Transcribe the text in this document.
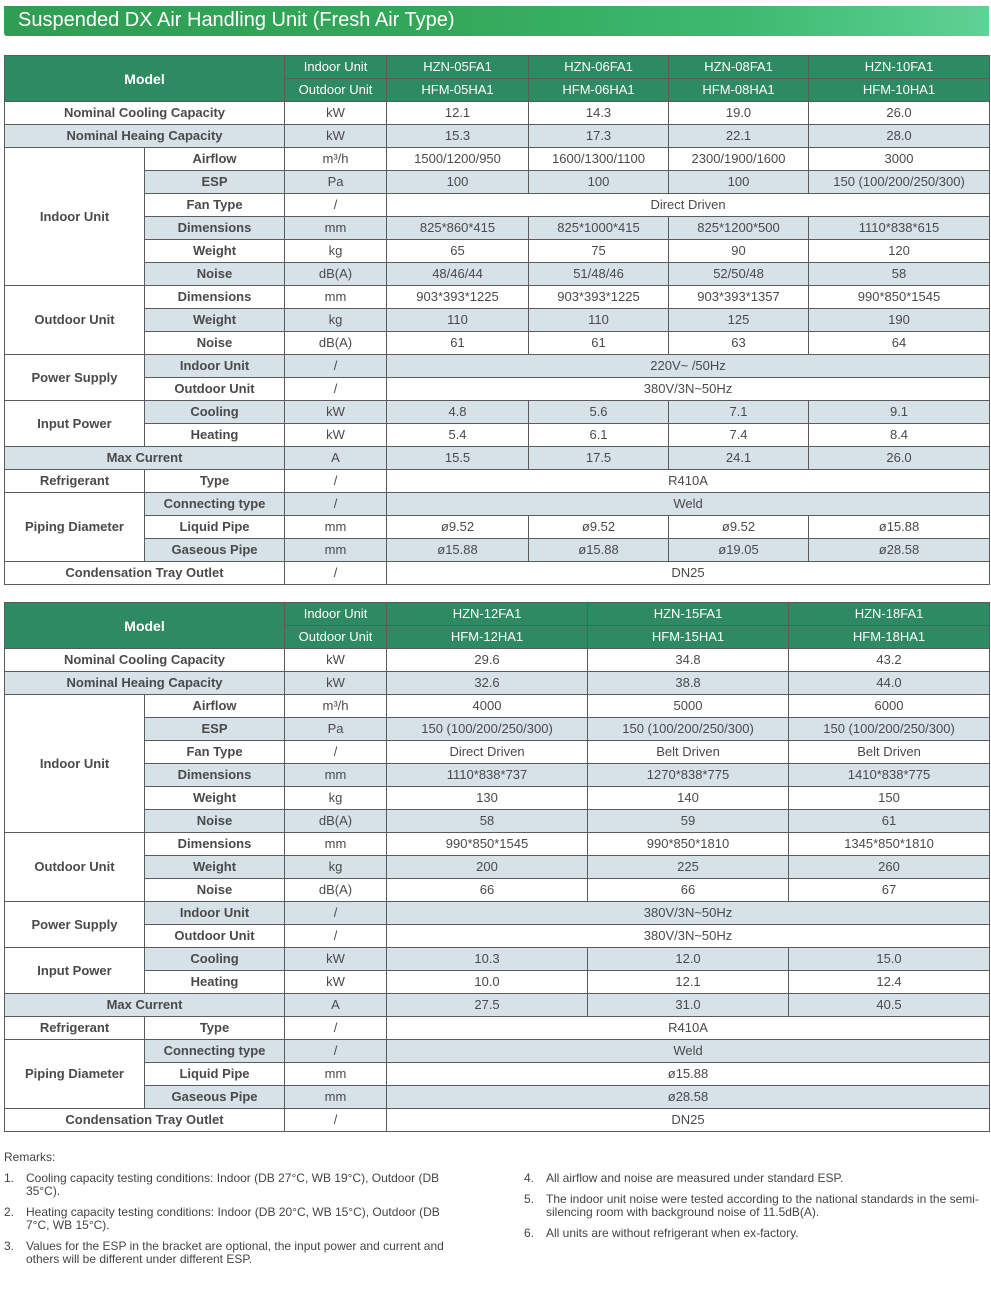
Suspended DX Air Handling Unit (Fresh Air Type)
Model		Indoor Unit	HZN-05FA1	HZN-06FA1	HZN-08FA1	HZN-10FA1
		Outdoor Unit	HFM-05HA1	HFM-06HA1	HFM-08HA1	HFM-10HA1
Nominal Cooling Capacity		kW	12.1	14.3	19.0	26.0
Nominal Heaing Capacity		kW	15.3	17.3	22.1	28.0
Indoor Unit	Airflow	m³/h	1500/1200/950	1600/1300/1100	2300/1900/1600	3000
	ESP	Pa	100	100	100	150 (100/200/250/300)
	Fan Type	/	Direct Driven			
	Dimensions	mm	825*860*415	825*1000*415	825*1200*500	1110*838*615
	Weight	kg	65	75	90	120
	Noise	dB(A)	48/46/44	51/48/46	52/50/48	58
Outdoor Unit	Dimensions	mm	903*393*1225	903*393*1225	903*393*1357	990*850*1545
	Weight	kg	110	110	125	190
	Noise	dB(A)	61	61	63	64
Power Supply	Indoor Unit	/	220V~ /50Hz			
	Outdoor Unit	/	380V/3N~50Hz			
Input Power	Cooling	kW	4.8	5.6	7.1	9.1
	Heating	kW	5.4	6.1	7.4	8.4
Max Current		A	15.5	17.5	24.1	26.0
Refrigerant	Type	/	R410A			
Piping Diameter	Connecting type	/	Weld			
	Liquid Pipe	mm	ø9.52	ø9.52	ø9.52	ø15.88
	Gaseous Pipe	mm	ø15.88	ø15.88	ø19.05	ø28.58
Condensation Tray Outlet		/	DN25			
Model		Indoor Unit	HZN-12FA1	HZN-15FA1	HZN-18FA1
		Outdoor Unit	HFM-12HA1	HFM-15HA1	HFM-18HA1
Nominal Cooling Capacity		kW	29.6	34.8	43.2
Nominal Heaing Capacity		kW	32.6	38.8	44.0
Indoor Unit	Airflow	m³/h	4000	5000	6000
	ESP	Pa	150 (100/200/250/300)	150 (100/200/250/300)	150 (100/200/250/300)
	Fan Type	/	Direct Driven	Belt Driven	Belt Driven
	Dimensions	mm	1110*838*737	1270*838*775	1410*838*775
	Weight	kg	130	140	150
	Noise	dB(A)	58	59	61
Outdoor Unit	Dimensions	mm	990*850*1545	990*850*1810	1345*850*1810
	Weight	kg	200	225	260
	Noise	dB(A)	66	66	67
Power Supply	Indoor Unit	/	380V/3N~50Hz		
	Outdoor Unit	/	380V/3N~50Hz		
Input Power	Cooling	kW	10.3	12.0	15.0
	Heating	kW	10.0	12.1	12.4
Max Current		A	27.5	31.0	40.5
Refrigerant	Type	/	R410A		
Piping Diameter	Connecting type	/	Weld		
	Liquid Pipe	mm	ø15.88		
	Gaseous Pipe	mm	ø28.58		
Condensation Tray Outlet		/	DN25		
Remarks:
1. Cooling capacity testing conditions: Indoor (DB 27°C, WB 19°C), Outdoor (DB 35°C).
2. Heating capacity testing conditions: Indoor (DB 20°C, WB 15°C), Outdoor (DB 7°C, WB 15°C).
3. Values for the ESP in the bracket are optional, the input power and current and others will be different under different ESP.
4. All airflow and noise are measured under standard ESP.
5. The indoor unit noise were tested according to the national standards in the semi-silencing room with background noise of 11.5dB(A).
6. All units are without refrigerant when ex-factory.
